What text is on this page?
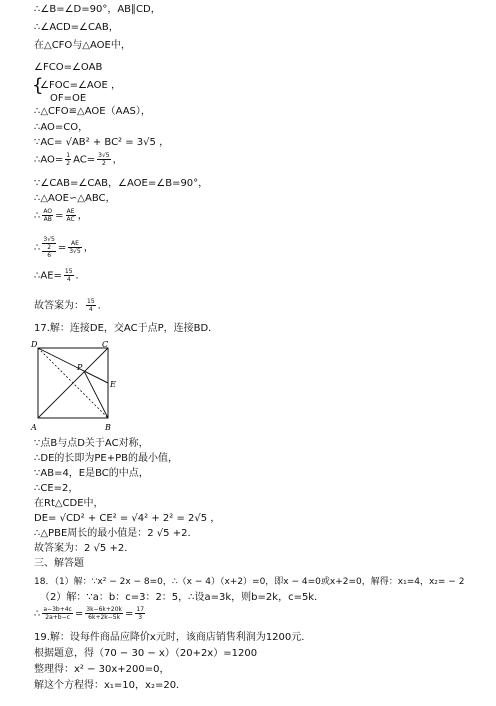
∴∠B=∠D=90°，AB∥CD，
∴∠ACD=∠CAB，
在△CFO与△AOE中，
∠FCO=∠OAB
{
∠FOC=∠AOE ，
OF=OE
∴△CFO≌△AOE（AAS），
∴AO=CO，
∵AC= √AB² + BC² = 3√5 ，
∴AO= $\frac{1}{2} AC= \frac{3√5}{2}$ ，
∵∠CAB=∠CAB，∠AOE=∠B=90°，
∴△AOE∽△ABC，
∴ $\frac{AO}{AB} = \frac{AE}{AC}$ ，
∴
3√5
2
6
= $\frac{AE}{3√5}$ ，
∴AE= $\frac{15}{4}$ ．
故答案为： $\frac{15}{4}$ ．
17.解：连接DE，交AC于点P，连接BD．
D	C
A	B
P
E
∵点B与点D关于AC对称，
∴DE的长即为PE+PB的最小值，
∵AB=4，E是BC的中点，
∴CE=2，
在Rt△CDE中，
DE= √CD² + CE² = √4² + 2² = 2√5 ，
∴△PBE周长的最小值是：2 √5 +2．
故答案为：2 √5 +2．
三、解答题
18．（1）解：∵x² − 2x − 8=0，∴（x − 4）（x+2）=0，即x − 4=0或x+2=0，解得：x₁=4，x₂= − 2
（2）解：∵a：b：c=3：2：5，∴设a=3k，则b=2k，c=5k．
∴ $\frac{a-3b+4c}{2a+b-c} = \frac{3k-6k+20k}{6k+2k-5k} = \frac{17}{3}$
19.解：设每件商品应降价x元时，该商店销售利润为1200元．
根据题意，得（70 − 30 − x）（20+2x）=1200
整理得：x² − 30x+200=0，
解这个方程得：x₁=10，x₂=20．
